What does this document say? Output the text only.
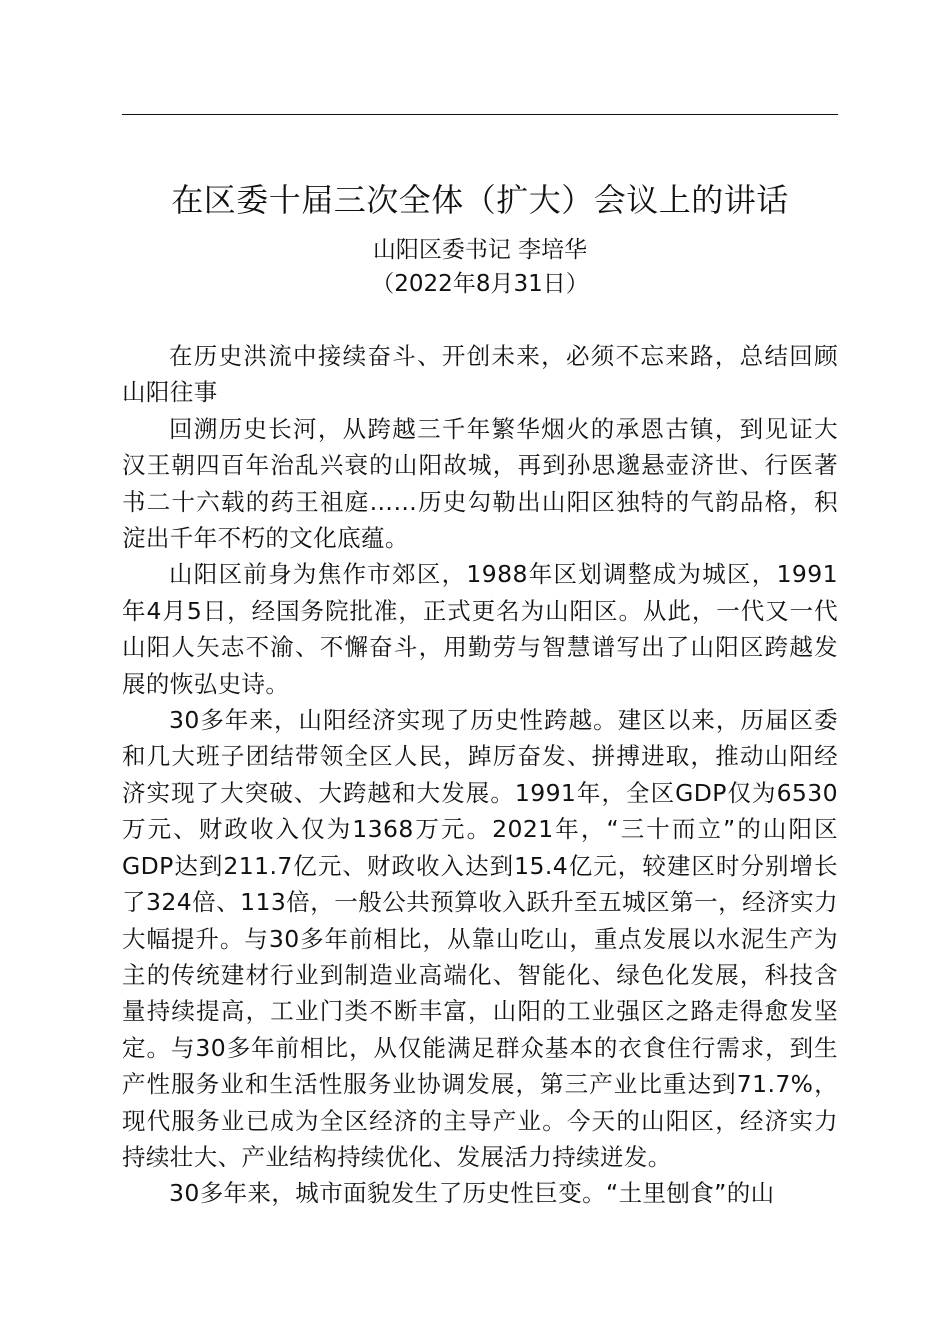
在区委十届三次全体（扩大）会议上的讲话
山阳区委书记 李培华
（2022年8月31日）

在历史洪流中接续奋斗、开创未来，必须不忘来路，总结回顾山阳往事

回溯历史长河，从跨越三千年繁华烟火的承恩古镇，到见证大汉王朝四百年治乱兴衰的山阳故城，再到孙思邈悬壶济世、行医著书二十六载的药王祖庭……历史勾勒出山阳区独特的气韵品格，积淀出千年不朽的文化底蕴。

山阳区前身为焦作市郊区，1988年区划调整成为城区，1991年4月5日，经国务院批准，正式更名为山阳区。从此，一代又一代山阳人矢志不渝、不懈奋斗，用勤劳与智慧谱写出了山阳区跨越发展的恢弘史诗。

30多年来，山阳经济实现了历史性跨越。建区以来，历届区委和几大班子团结带领全区人民，踔厉奋发、拼搏进取，推动山阳经济实现了大突破、大跨越和大发展。1991年，全区GDP仅为6530万元、财政收入仅为1368万元。2021年，“三十而立”的山阳区GDP达到211.7亿元、财政收入达到15.4亿元，较建区时分别增长了324倍、113倍，一般公共预算收入跃升至五城区第一，经济实力大幅提升。与30多年前相比，从靠山吃山，重点发展以水泥生产为主的传统建材行业到制造业高端化、智能化、绿色化发展，科技含量持续提高，工业门类不断丰富，山阳的工业强区之路走得愈发坚定。与30多年前相比，从仅能满足群众基本的衣食住行需求，到生产性服务业和生活性服务业协调发展，第三产业比重达到71.7%，现代服务业已成为全区经济的主导产业。今天的山阳区，经济实力持续壮大、产业结构持续优化、发展活力持续迸发。

30多年来，城市面貌发生了历史性巨变。“土里刨食”的山
